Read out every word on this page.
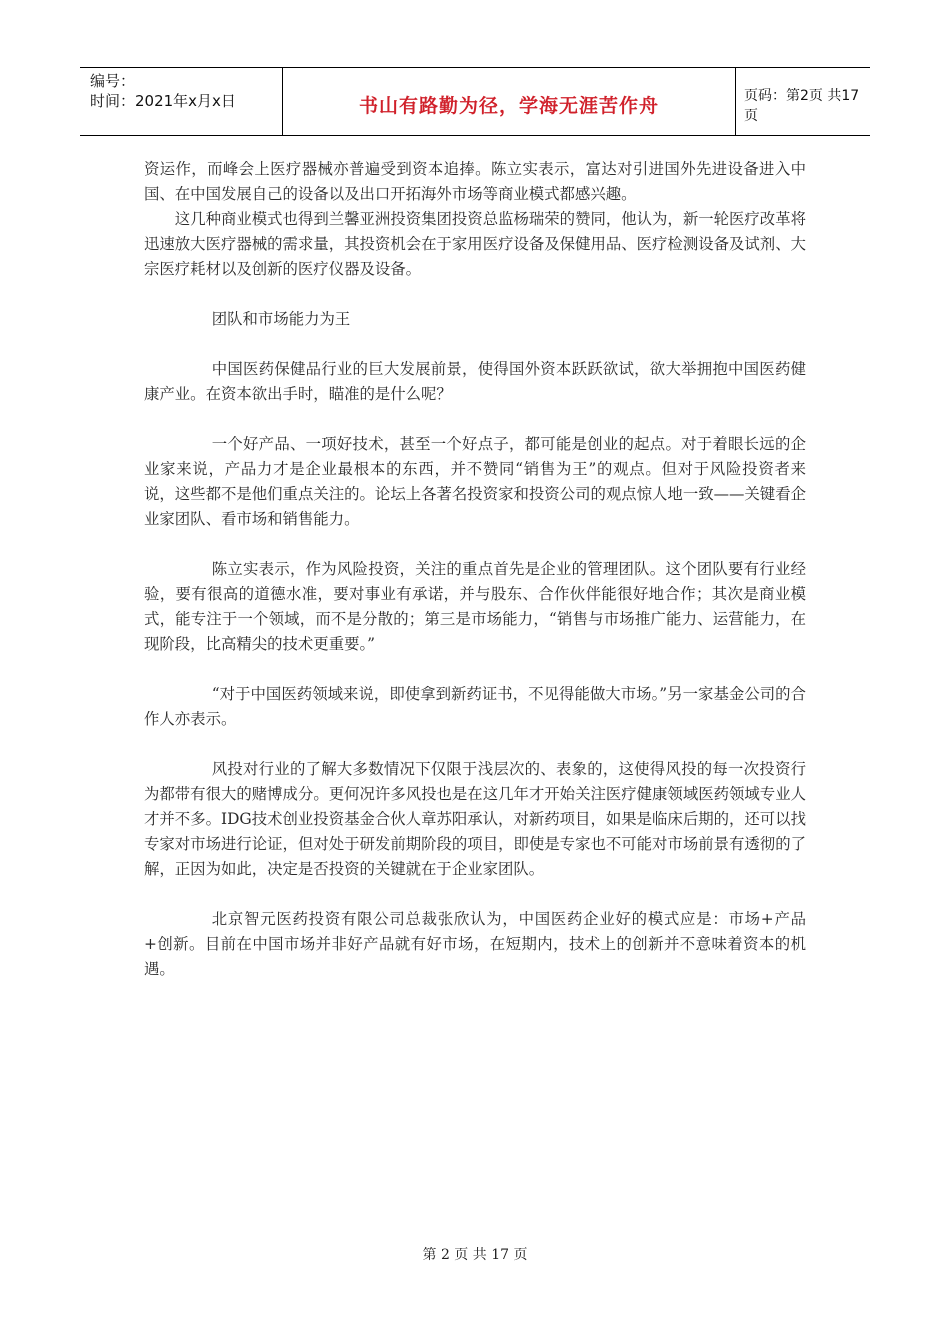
编号：
时间：2021年x月x日	书山有路勤为径，学海无涯苦作舟	页码：第2页 共17页

资运作，而峰会上医疗器械亦普遍受到资本追捧。陈立实表示，富达对引进国外先进设备进入中国、在中国发展自己的设备以及出口开拓海外市场等商业模式都感兴趣。

这几种商业模式也得到兰馨亚洲投资集团投资总监杨瑞荣的赞同，他认为，新一轮医疗改革将迅速放大医疗器械的需求量，其投资机会在于家用医疗设备及保健用品、医疗检测设备及试剂、大宗医疗耗材以及创新的医疗仪器及设备。

团队和市场能力为王

中国医药保健品行业的巨大发展前景，使得国外资本跃跃欲试，欲大举拥抱中国医药健康产业。在资本欲出手时，瞄准的是什么呢？

一个好产品、一项好技术，甚至一个好点子，都可能是创业的起点。对于着眼长远的企业家来说，产品力才是企业最根本的东西，并不赞同“销售为王”的观点。但对于风险投资者来说，这些都不是他们重点关注的。论坛上各著名投资家和投资公司的观点惊人地一致——关键看企业家团队、看市场和销售能力。

陈立实表示，作为风险投资，关注的重点首先是企业的管理团队。这个团队要有行业经验，要有很高的道德水准，要对事业有承诺，并与股东、合作伙伴能很好地合作；其次是商业模式，能专注于一个领域，而不是分散的；第三是市场能力，“销售与市场推广能力、运营能力，在现阶段，比高精尖的技术更重要。”

“对于中国医药领域来说，即使拿到新药证书，不见得能做大市场。”另一家基金公司的合作人亦表示。

风投对行业的了解大多数情况下仅限于浅层次的、表象的，这使得风投的每一次投资行为都带有很大的赌博成分。更何况许多风投也是在这几年才开始关注医疗健康领域医药领域专业人才并不多。IDG技术创业投资基金合伙人章苏阳承认，对新药项目，如果是临床后期的，还可以找专家对市场进行论证，但对处于研发前期阶段的项目，即使是专家也不可能对市场前景有透彻的了解，正因为如此，决定是否投资的关键就在于企业家团队。

北京智元医药投资有限公司总裁张欣认为，中国医药企业好的模式应是：市场+产品+创新。目前在中国市场并非好产品就有好市场，在短期内，技术上的创新并不意味着资本的机遇。

第 2 页 共 17 页
